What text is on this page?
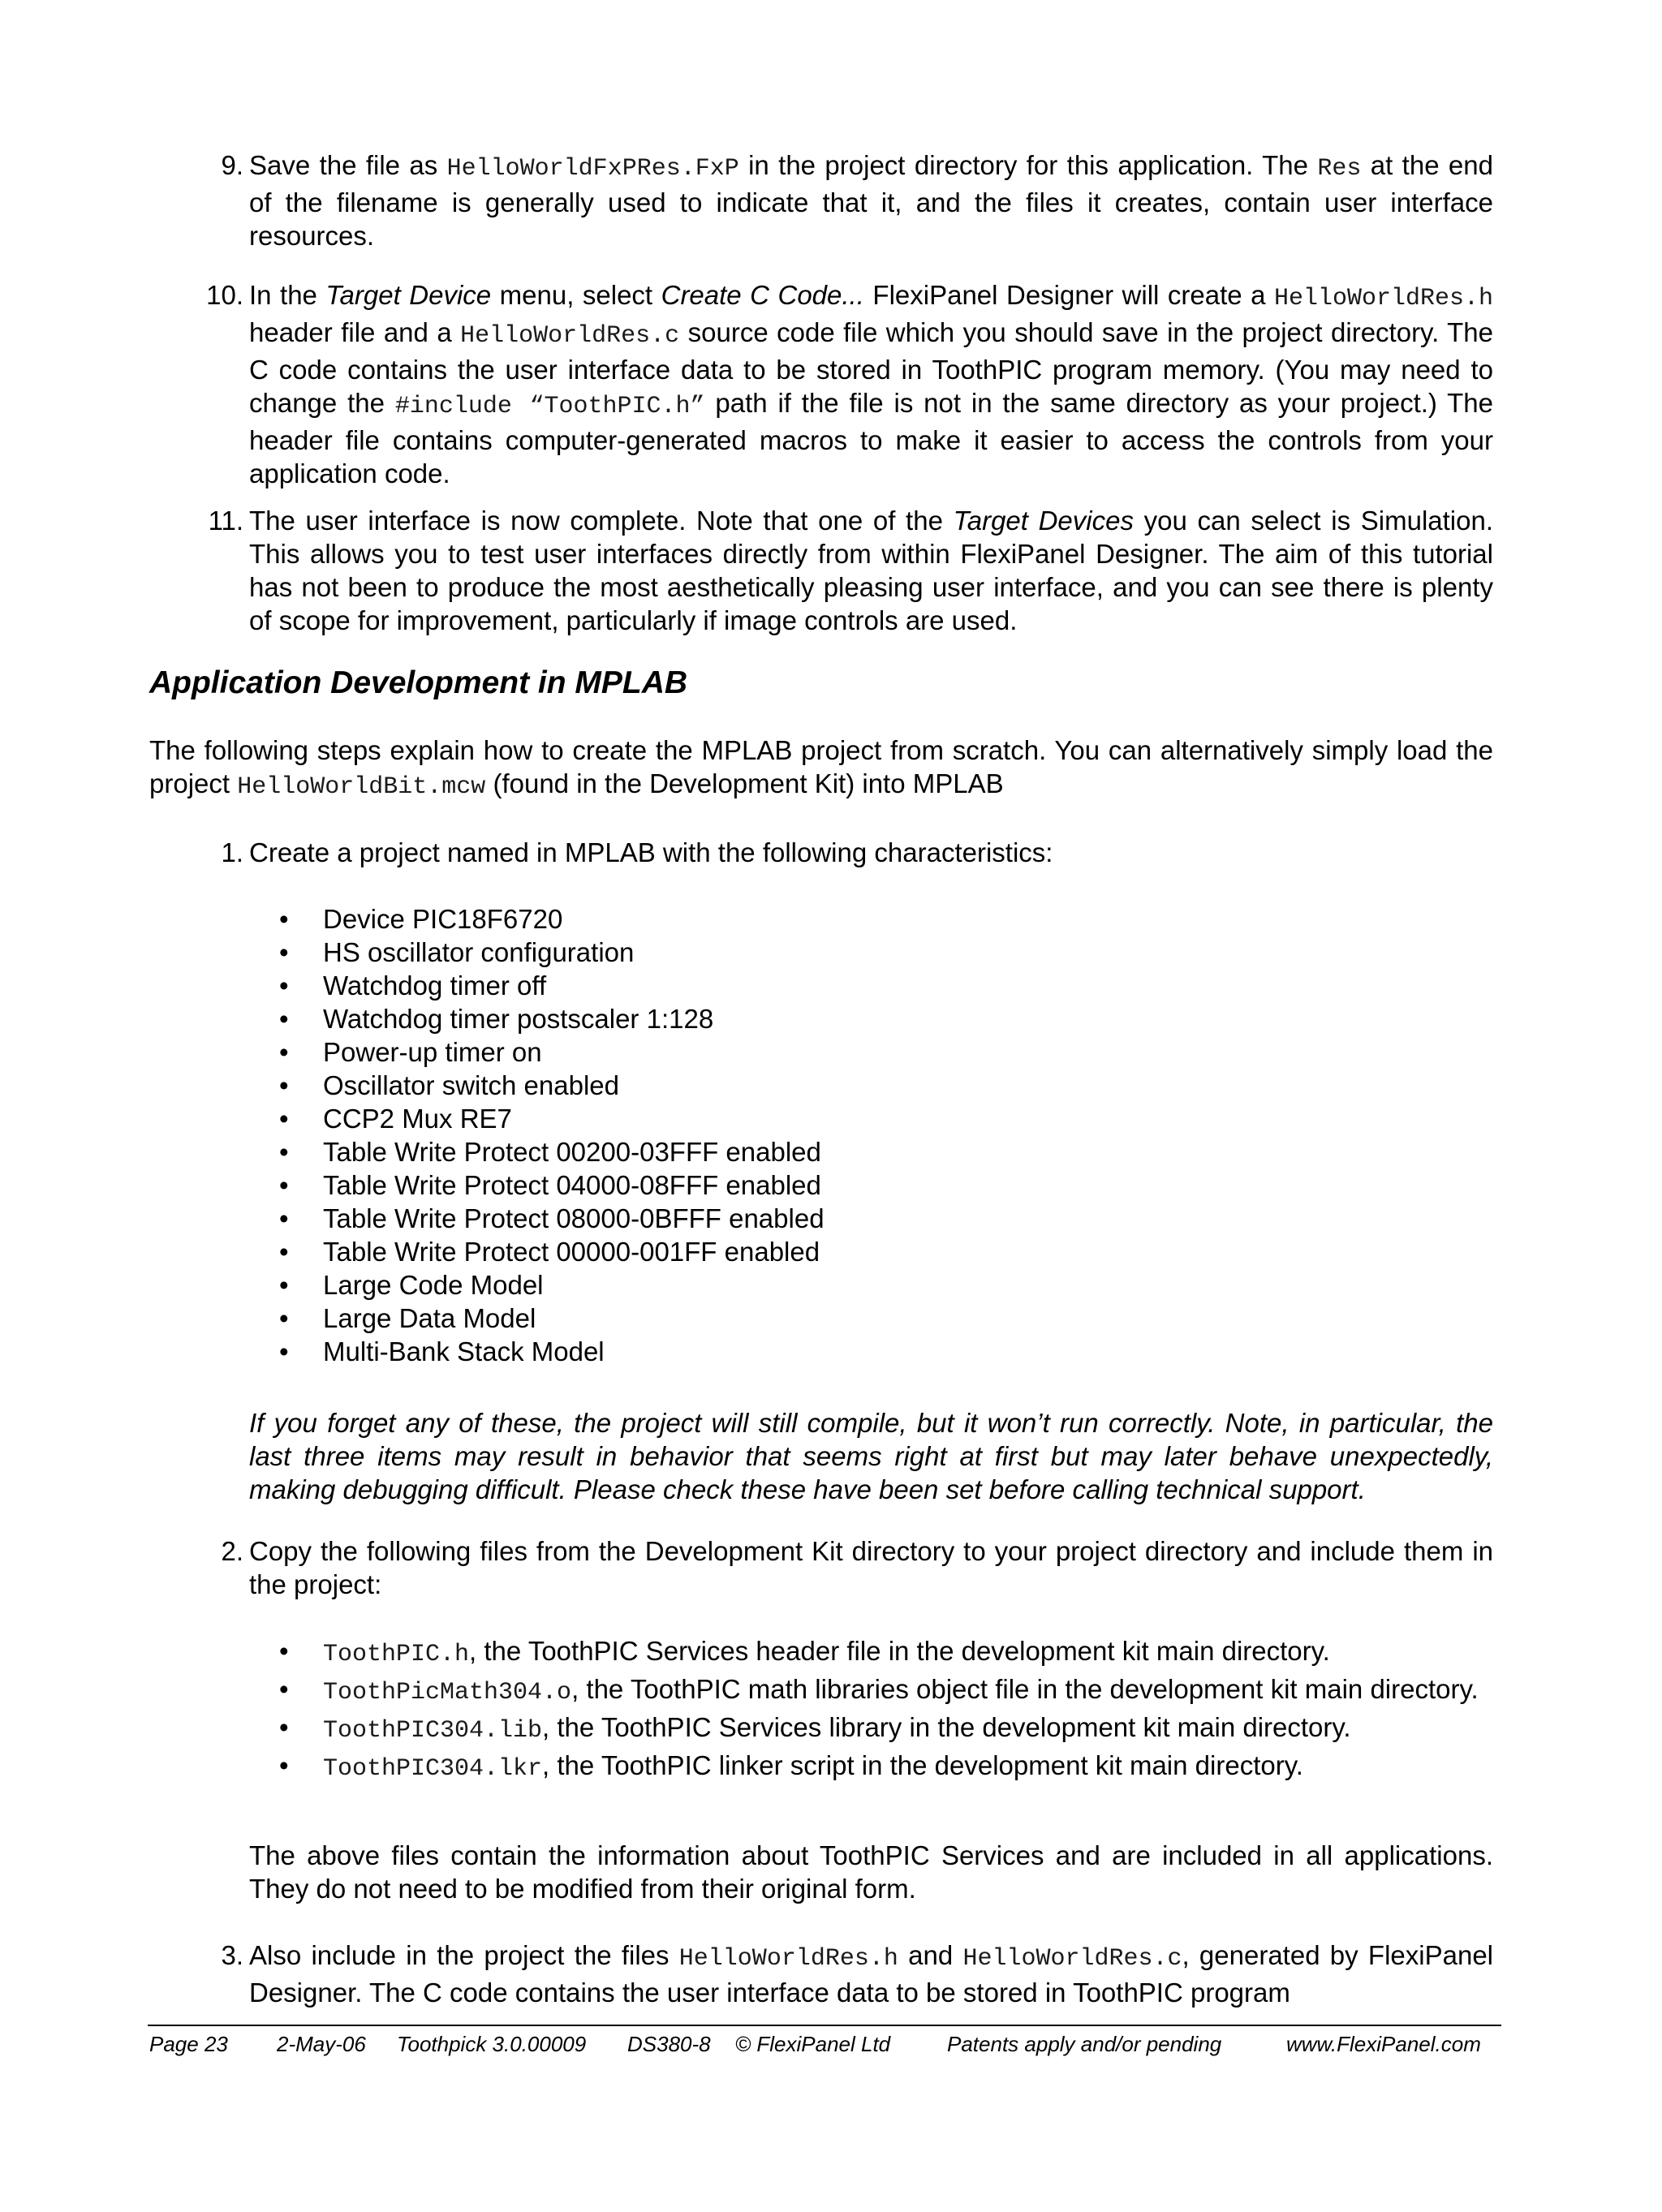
9. Save the file as HelloWorldFxPRes.FxP in the project directory for this application. The Res at the end of the filename is generally used to indicate that it, and the files it creates, contain user interface resources.
10. In the Target Device menu, select Create C Code... FlexiPanel Designer will create a HelloWorldRes.h header file and a HelloWorldRes.c source code file which you should save in the project directory. The C code contains the user interface data to be stored in ToothPIC program memory. (You may need to change the #include “ToothPIC.h” path if the file is not in the same directory as your project.) The header file contains computer-generated macros to make it easier to access the controls from your application code.
11. The user interface is now complete. Note that one of the Target Devices you can select is Simulation. This allows you to test user interfaces directly from within FlexiPanel Designer. The aim of this tutorial has not been to produce the most aesthetically pleasing user interface, and you can see there is plenty of scope for improvement, particularly if image controls are used.
Application Development in MPLAB
The following steps explain how to create the MPLAB project from scratch. You can alternatively simply load the project HelloWorldBit.mcw (found in the Development Kit) into MPLAB
1. Create a project named in MPLAB with the following characteristics:
• Device PIC18F6720
• HS oscillator configuration
• Watchdog timer off
• Watchdog timer postscaler 1:128
• Power-up timer on
• Oscillator switch enabled
• CCP2 Mux RE7
• Table Write Protect 00200-03FFF enabled
• Table Write Protect 04000-08FFF enabled
• Table Write Protect 08000-0BFFF enabled
• Table Write Protect 00000-001FF enabled
• Large Code Model
• Large Data Model
• Multi-Bank Stack Model
If you forget any of these, the project will still compile, but it won’t run correctly. Note, in particular, the last three items may result in behavior that seems right at first but may later behave unexpectedly, making debugging difficult. Please check these have been set before calling technical support.
2. Copy the following files from the Development Kit directory to your project directory and include them in the project:
• ToothPIC.h, the ToothPIC Services header file in the development kit main directory.
• ToothPicMath304.o, the ToothPIC math libraries object file in the development kit main directory.
• ToothPIC304.lib, the ToothPIC Services library in the development kit main directory.
• ToothPIC304.lkr, the ToothPIC linker script in the development kit main directory.
The above files contain the information about ToothPIC Services and are included in all applications. They do not need to be modified from their original form.
3. Also include in the project the files HelloWorldRes.h and HelloWorldRes.c, generated by FlexiPanel Designer. The C code contains the user interface data to be stored in ToothPIC program
Page 23 2-May-06 Toothpick 3.0.00009 DS380-8 © FlexiPanel Ltd	Patents apply and/or pending	www.FlexiPanel.com
